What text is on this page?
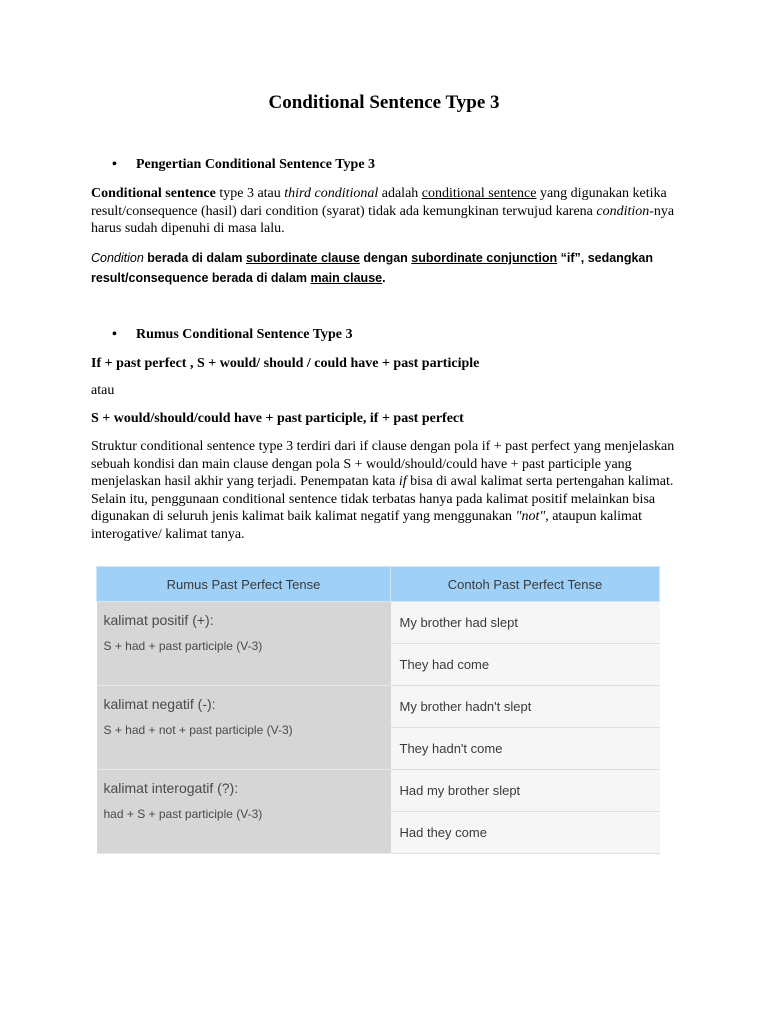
Conditional Sentence Type 3
• Pengertian Conditional Sentence Type 3
Conditional sentence type 3 atau third conditional adalah conditional sentence yang digunakan ketika result/consequence (hasil) dari condition (syarat) tidak ada kemungkinan terwujud karena condition-nya harus sudah dipenuhi di masa lalu.
Condition berada di dalam subordinate clause dengan subordinate conjunction “if”, sedangkan result/consequence berada di dalam main clause.
• Rumus Conditional Sentence Type 3
If + past perfect , S + would/ should / could have + past participle
atau
S + would/should/could have + past participle, if + past perfect
Struktur conditional sentence type 3 terdiri dari if clause dengan pola if + past perfect yang menjelaskan sebuah kondisi dan main clause dengan pola S + would/should/could have + past participle yang menjelaskan hasil akhir yang terjadi. Penempatan kata if bisa di awal kalimat serta pertengahan kalimat. Selain itu, penggunaan conditional sentence tidak terbatas hanya pada kalimat positif melainkan bisa digunakan di seluruh jenis kalimat baik kalimat negatif yang menggunakan "not", ataupun kalimat interogative/ kalimat tanya.
Rumus Past Perfect Tense	Contoh Past Perfect Tense

kalimat positif (+):
S + had + past participle (V-3)	My brother had slept
	They had come

kalimat negatif (-):
S + had + not + past participle (V-3)	My brother hadn't slept
	They hadn't come

kalimat interogatif (?):
had + S + past participle (V-3)	Had my brother slept
	Had they come
